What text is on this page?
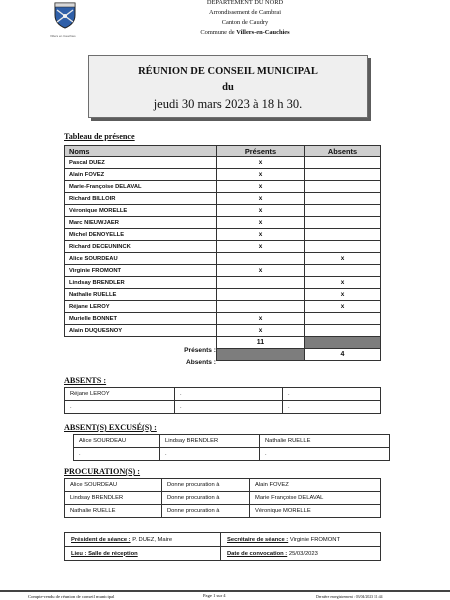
Villers en Cauchies
DÉPARTEMENT DU NORD
Arrondissement de Cambrai
Canton de Caudry
Commune de Villers-en-Cauchies
RÉUNION DE CONSEIL MUNICIPAL
du
jeudi 30 mars 2023 à 18 h 30.
Tableau de présence
Noms	Présents	Absents
Pascal DUEZ	x	
Alain FOVEZ	x	
Marie-Françoise DELAVAL	x	
Richard BILLOIR	x	
Véronique MORELLE	x	
Marc NIEUWJAER	x	
Michel DENOYELLE	x	
Richard DECEUNINCK	x	
Alice SOURDEAU		x
Virginie FROMONT	x	
Lindsay BRENDLER		x
Nathalie RUELLE		x
Réjane LEROY		x
Murielle BONNET	x	
Alain DUQUESNOY	x	
	11	
		4
Présents :
Absents :
ABSENTS :
Réjane LEROY	.	.
.	.	.
ABSENT(S) EXCUSÉ(S) :
Alice SOURDEAU	Lindsay BRENDLER	Nathalie RUELLE
.	.	.
PROCURATION(S) :
Alice SOURDEAU	Donne procuration à	Alain FOVEZ
Lindsay BRENDLER	Donne procuration à	Marie Françoise DELAVAL
Nathalie RUELLE	Donne procuration à	Véronique MORELLE
Président de séance : P. DUEZ, Maire	Secrétaire de séance : Virginie FROMONT
Lieu : Salle de réception	Date de convocation : 25/03/2023
Compte-rendu de réunion de conseil municipal	Page 1 sur 4	Dernière enregistrement : 03/04/2023 11:44
